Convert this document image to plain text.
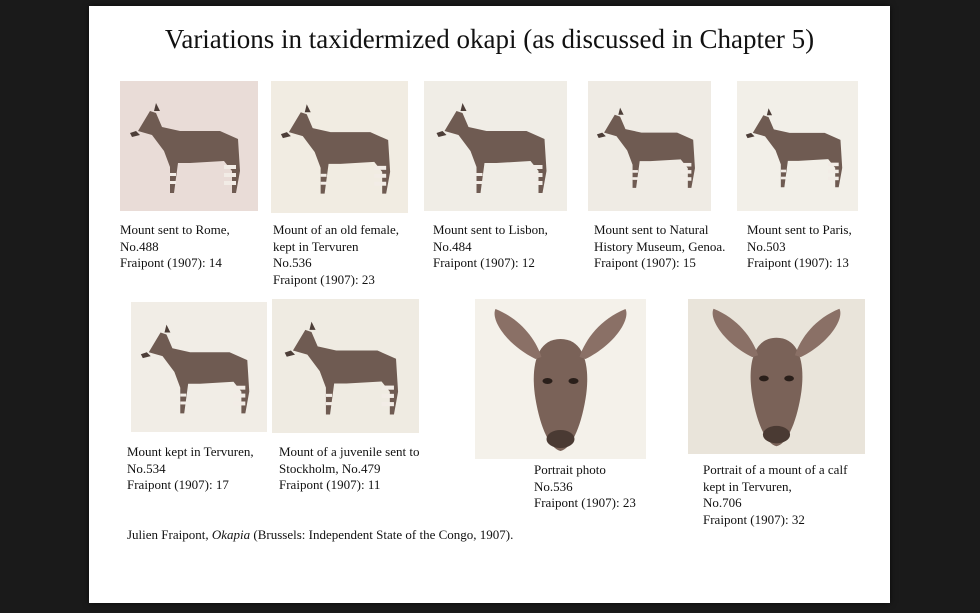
Variations in taxidermized okapi (as discussed in Chapter 5)
Mount sent to Rome,
No.488
Fraipont (1907): 14
Mount of an old female,
kept in Tervuren
No.536
Fraipont (1907): 23
Mount sent to Lisbon,
No.484
Fraipont (1907): 12
Mount sent to Natural
History Museum, Genoa.
Fraipont (1907): 15
Mount sent to Paris,
No.503
Fraipont (1907): 13
Mount kept in Tervuren,
No.534
Fraipont (1907): 17
Mount of a juvenile sent to
Stockholm, No.479
Fraipont (1907): 11
Portrait photo
No.536
Fraipont (1907): 23
Portrait of a mount of a calf
kept in Tervuren,
No.706
Fraipont (1907): 32
Julien Fraipont, Okapia (Brussels: Independent State of the Congo, 1907).
